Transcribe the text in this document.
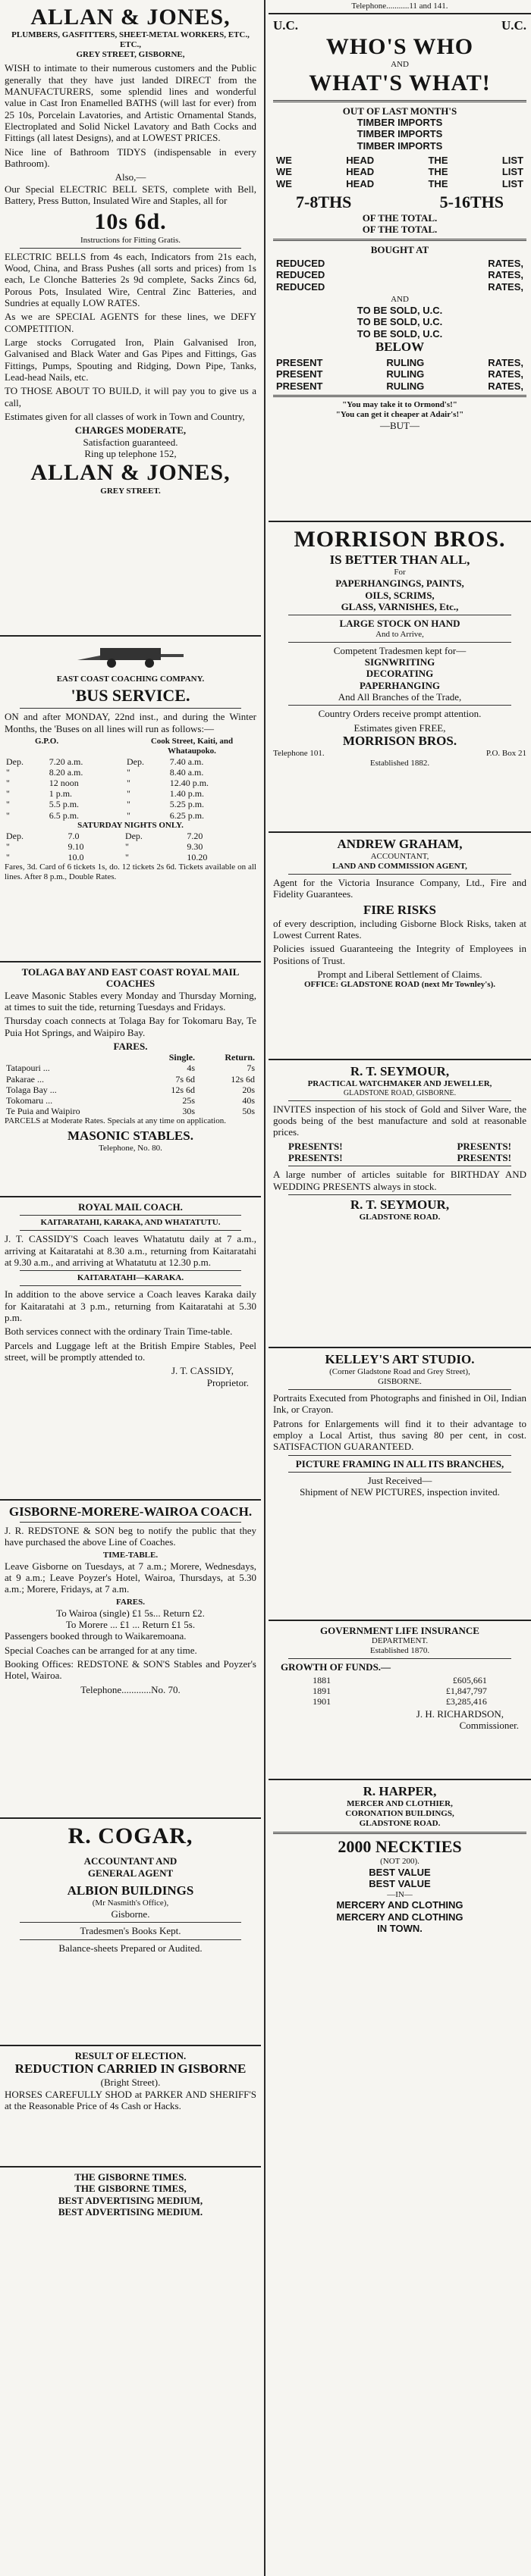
ALLAN & JONES,
PLUMBERS, GASFITTERS, SHEET-METAL WORKERS, ETC., ETC.,
GREY STREET, GISBORNE,

WISH to intimate to their numerous customers and the Public generally that they have just landed DIRECT from the MANUFACTURERS, some splendid lines and wonderful value in Cast Iron Enamelled BATHS (will last for ever) from 25 10s, Porcelain Lavatories, and Artistic Ornamental Stands, Electroplated and Solid Nickel Lavatory and Bath Cocks and Fittings (all latest Designs), and at LOWEST PRICES.

Nice line of Bathroom TIDYS (indispensable in every Bathroom).

Also,—

Our Special ELECTRIC BELL SETS, complete with Bell, Battery, Press Button, Insulated Wire and Staples, all for

10s 6d.
Instructions for Fitting Gratis.

ELECTRIC BELLS from 4s each, Indicators from 21s each, Wood, China, and Brass Pushes (all sorts and prices) from 1s each, Le Clonche Batteries 2s 9d complete, Sacks Zincs 6d, Porous Pots, Insulated Wire, Central Zinc Batteries, and Sundries at equally LOW RATES.

As we are SPECIAL AGENTS for these lines, we DEFY COMPETITION.

Large stocks Corrugated Iron, Plain Galvanised Iron, Galvanised and Black Water and Gas Pipes and Fittings, Gas Fittings, Pumps, Spouting and Ridging, Down Pipe, Tanks, Lead-head Nails, etc.

TO THOSE ABOUT TO BUILD, it will pay you to give us a call,

Estimates given for all classes of work in Town and Country,

CHARGES MODERATE,
Satisfaction guaranteed.
Ring up telephone 152,
ALLAN & JONES,
GREY STREET.
EAST COAST COACHING COMPANY.
'BUS SERVICE.

ON and after MONDAY, 22nd inst., and during the Winter Months, the 'Buses on all lines will run as follows:—

G.P.O.	Cook Street, Kaiti, and Whataupoko.
Dep.	7.20 a.m.	Dep.	7.40 a.m.
"	8.20 a.m.	"	8.40 a.m.
"	12 noon	"	12.40 p.m.
"	1 p.m.	"	1.40 p.m.
"	5.5 p.m.	"	5.25 p.m.
"	6.5 p.m.	"	6.25 p.m.
SATURDAY NIGHTS ONLY.
Dep.	7.0	Dep.	7.20
"	9.10	"	9.30
"	10.0	"	10.20

Fares, 3d. Card of 6 tickets 1s, do. 12 tickets 2s 6d. Tickets available on all lines. After 8 p.m., Double Rates.

TOLAGA BAY AND EAST COAST ROYAL MAIL COACHES

Leave Masonic Stables every Monday and Thursday Morning, at times to suit the tide, returning Tuesdays and Fridays.

Thursday coach connects at Tolaga Bay for Tokomaru Bay, Te Puia Hot Springs, and Waipiro Bay.

FARES.
	Single.	Return.
Tatapouri ...	4s	7s
Pakarae ...	7s 6d	12s 6d
Tolaga Bay ...	12s 6d	20s
Tokomaru ...	25s	40s
Te Puia and Waipiro	30s	50s

PARCELS at Moderate Rates. Specials at any time on application.

MASONIC STABLES.
Telephone, No. 80.
ROYAL MAIL COACH.
KAITARATAHI, KARAKA, AND WHATATUTU.

J. T. CASSIDY'S Coach leaves Whatatutu daily at 7 a.m., arriving at Kaitaratahi at 8.30 a.m., returning from Kaitaratahi at 9.30 a.m., and arriving at Whatatutu at 12.30 p.m.

KAITARATAHI—KARAKA.

In addition to the above service a Coach leaves Karaka daily for Kaitaratahi at 3 p.m., returning from Kaitaratahi at 5.30 p.m.

Both services connect with the ordinary Train Time-table.

Parcels and Luggage left at the British Empire Stables, Peel street, will be promptly attended to.

J. T. CASSIDY,
Proprietor.
GISBORNE-MORERE-WAIROA COACH.

J. R. REDSTONE & SON beg to notify the public that they have purchased the above Line of Coaches.

TIME-TABLE.

Leave Gisborne on Tuesdays, at 7 a.m.; Morere, Wednesdays, at 9 a.m.; Leave Poyzer's Hotel, Wairoa, Thursdays, at 5.30 a.m.; Morere, Fridays, at 7 a.m.

FARES.
To Wairoa (single) £1 5s... Return £2.
To Morere ... £1 ... Return £1 5s.

Passengers booked through to Waikaremoana.

Special Coaches can be arranged for at any time.

Booking Offices: REDSTONE & SON'S Stables and Poyzer's Hotel, Wairoa.

Telephone............No. 70.
R. COGAR,
ACCOUNTANT AND
GENERAL AGENT
ALBION BUILDINGS
(Mr Nasmith's Office),
Gisborne.
Tradesmen's Books Kept.
Balance-sheets Prepared or Audited.
RESULT OF ELECTION.
REDUCTION CARRIED IN GISBORNE
(Bright Street).

HORSES CAREFULLY SHOD at PARKER AND SHERIFF'S at the Reasonable Price of 4s Cash or Hacks.

THE GISBORNE TIMES.
THE GISBORNE TIMES,
BEST ADVERTISING MEDIUM,
BEST ADVERTISING MEDIUM.
Telephone...........11 and 141.
U.C.	U.C.
WHO'S WHO
AND
WHAT'S WHAT!
OUT OF LAST MONTH'S
TIMBER IMPORTS
TIMBER IMPORTS
TIMBER IMPORTS
WE	HEAD	THE	LIST
WE	HEAD	THE	LIST
WE	HEAD	THE	LIST
7-8THS	5-16THS
OF THE TOTAL.
OF THE TOTAL.
BOUGHT AT
REDUCED	RATES,
REDUCED	RATES,
REDUCED	RATES,
AND
TO BE SOLD, U.C.
TO BE SOLD, U.C.
TO BE SOLD, U.C.
BELOW
PRESENT	RULING	RATES,
PRESENT	RULING	RATES,
PRESENT	RULING	RATES,
"You may take it to Ormond's!"
"You can get it cheaper at Adair's!"
—BUT—
MORRISON BROS.
IS BETTER THAN ALL,
For
PAPERHANGINGS, PAINTS,
OILS, SCRIMS,
GLASS, VARNISHES, Etc.,
LARGE STOCK ON HAND
And to Arrive,
Competent Tradesmen kept for—
SIGNWRITING
DECORATING
PAPERHANGING
And All Branches of the Trade,
Country Orders receive prompt attention.
Estimates given FREE,
MORRISON BROS.
Telephone 101.	P.O. Box 21
Established 1882.
ANDREW GRAHAM,
ACCOUNTANT,
LAND AND COMMISSION AGENT,

Agent for the Victoria Insurance Company, Ltd., Fire and Fidelity Guarantees.

FIRE RISKS

of every description, including Gisborne Block Risks, taken at Lowest Current Rates.

Policies issued Guaranteeing the Integrity of Employees in Positions of Trust.

Prompt and Liberal Settlement of Claims.
OFFICE: GLADSTONE ROAD (next Mr Townley's).
R. T. SEYMOUR,
PRACTICAL WATCHMAKER AND JEWELLER,
GLADSTONE ROAD, GISBORNE.

INVITES inspection of his stock of Gold and Silver Ware, the goods being of the best manufacture and sold at reasonable prices.

PRESENTS!	PRESENTS!
PRESENTS!	PRESENTS!

A large number of articles suitable for BIRTHDAY AND WEDDING PRESENTS always in stock.

R. T. SEYMOUR,
GLADSTONE ROAD.
KELLEY'S ART STUDIO.
(Corner Gladstone Road and Grey Street),
GISBORNE.

Portraits Executed from Photographs and finished in Oil, Indian Ink, or Crayon.

Patrons for Enlargements will find it to their advantage to employ a Local Artist, thus saving 80 per cent, in cost. SATISFACTION GUARANTEED.

PICTURE FRAMING IN ALL ITS BRANCHES,
Just Received—
Shipment of NEW PICTURES, inspection invited.
GOVERNMENT LIFE INSURANCE
DEPARTMENT.
Established 1870.
GROWTH OF FUNDS.—
1881	£605,661
1891	£1,847,797
1901	£3,285,416
J. H. RICHARDSON,
Commissioner.
R. HARPER,
MERCER AND CLOTHIER,
CORONATION BUILDINGS,
GLADSTONE ROAD.
2000 NECKTIES
(NOT 200).
BEST VALUE
BEST VALUE
—IN—
MERCERY AND CLOTHING
MERCERY AND CLOTHING
IN TOWN.
